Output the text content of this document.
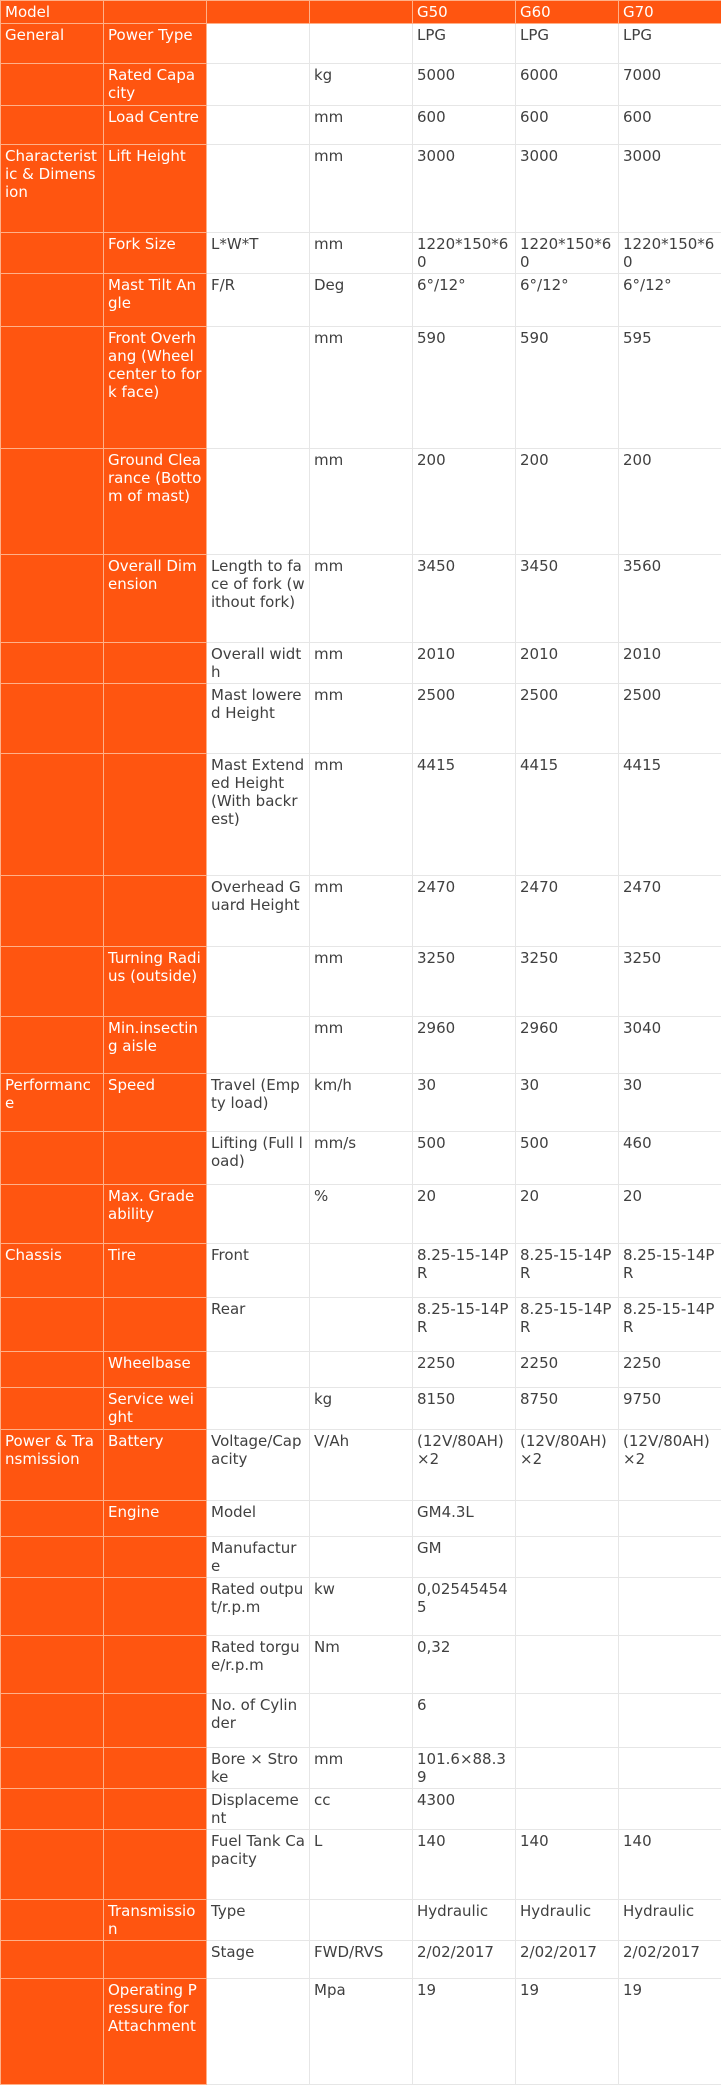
Model				G50	G60	G70
General	Power Type			LPG	LPG	LPG
	Rated Capacity		kg	5000	6000	7000
	Load Centre		mm	600	600	600
Characteristic & Dimension	Lift Height		mm	3000	3000	3000
	Fork Size	L*W*T	mm	1220*150*60	1220*150*60	1220*150*60
	Mast Tilt Angle	F/R	Deg	6°/12°	6°/12°	6°/12°
	Front Overhang (Wheel center to fork face)		mm	590	590	595
	Ground Clearance (Bottom of mast)		mm	200	200	200
	Overall Dimension	Length to face of fork (without fork)	mm	3450	3450	3560
		Overall width	mm	2010	2010	2010
		Mast lowered Height	mm	2500	2500	2500
		Mast Extended Height (With backrest)	mm	4415	4415	4415
		Overhead Guard Height	mm	2470	2470	2470
	Turning Radius (outside)		mm	3250	3250	3250
	Min.insecting aisle		mm	2960	2960	3040
Performance	Speed	Travel (Empty load)	km/h	30	30	30
		Lifting (Full load)	mm/s	500	500	460
	Max. Gradeability		%	20	20	20
Chassis	Tire	Front		8.25-15-14PR	8.25-15-14PR	8.25-15-14PR
		Rear		8.25-15-14PR	8.25-15-14PR	8.25-15-14PR
	Wheelbase			2250	2250	2250
	Service weight		kg	8150	8750	9750
Power & Transmission	Battery	Voltage/Capacity	V/Ah	(12V/80AH)×2	(12V/80AH)×2	(12V/80AH)×2
	Engine	Model		GM4.3L		
		Manufacture		GM		
		Rated output/r.p.m	kw	0,025454545		
		Rated torgue/r.p.m	Nm	0,32		
		No. of Cylinder		6		
		Bore × Stroke	mm	101.6×88.39		
		Displacement	cc	4300		
		Fuel Tank Capacity	L	140	140	140
	Transmission	Type		Hydraulic	Hydraulic	Hydraulic
		Stage	FWD/RVS	2/02/2017	2/02/2017	2/02/2017
	Operating Pressure for Attachment		Mpa	19	19	19
